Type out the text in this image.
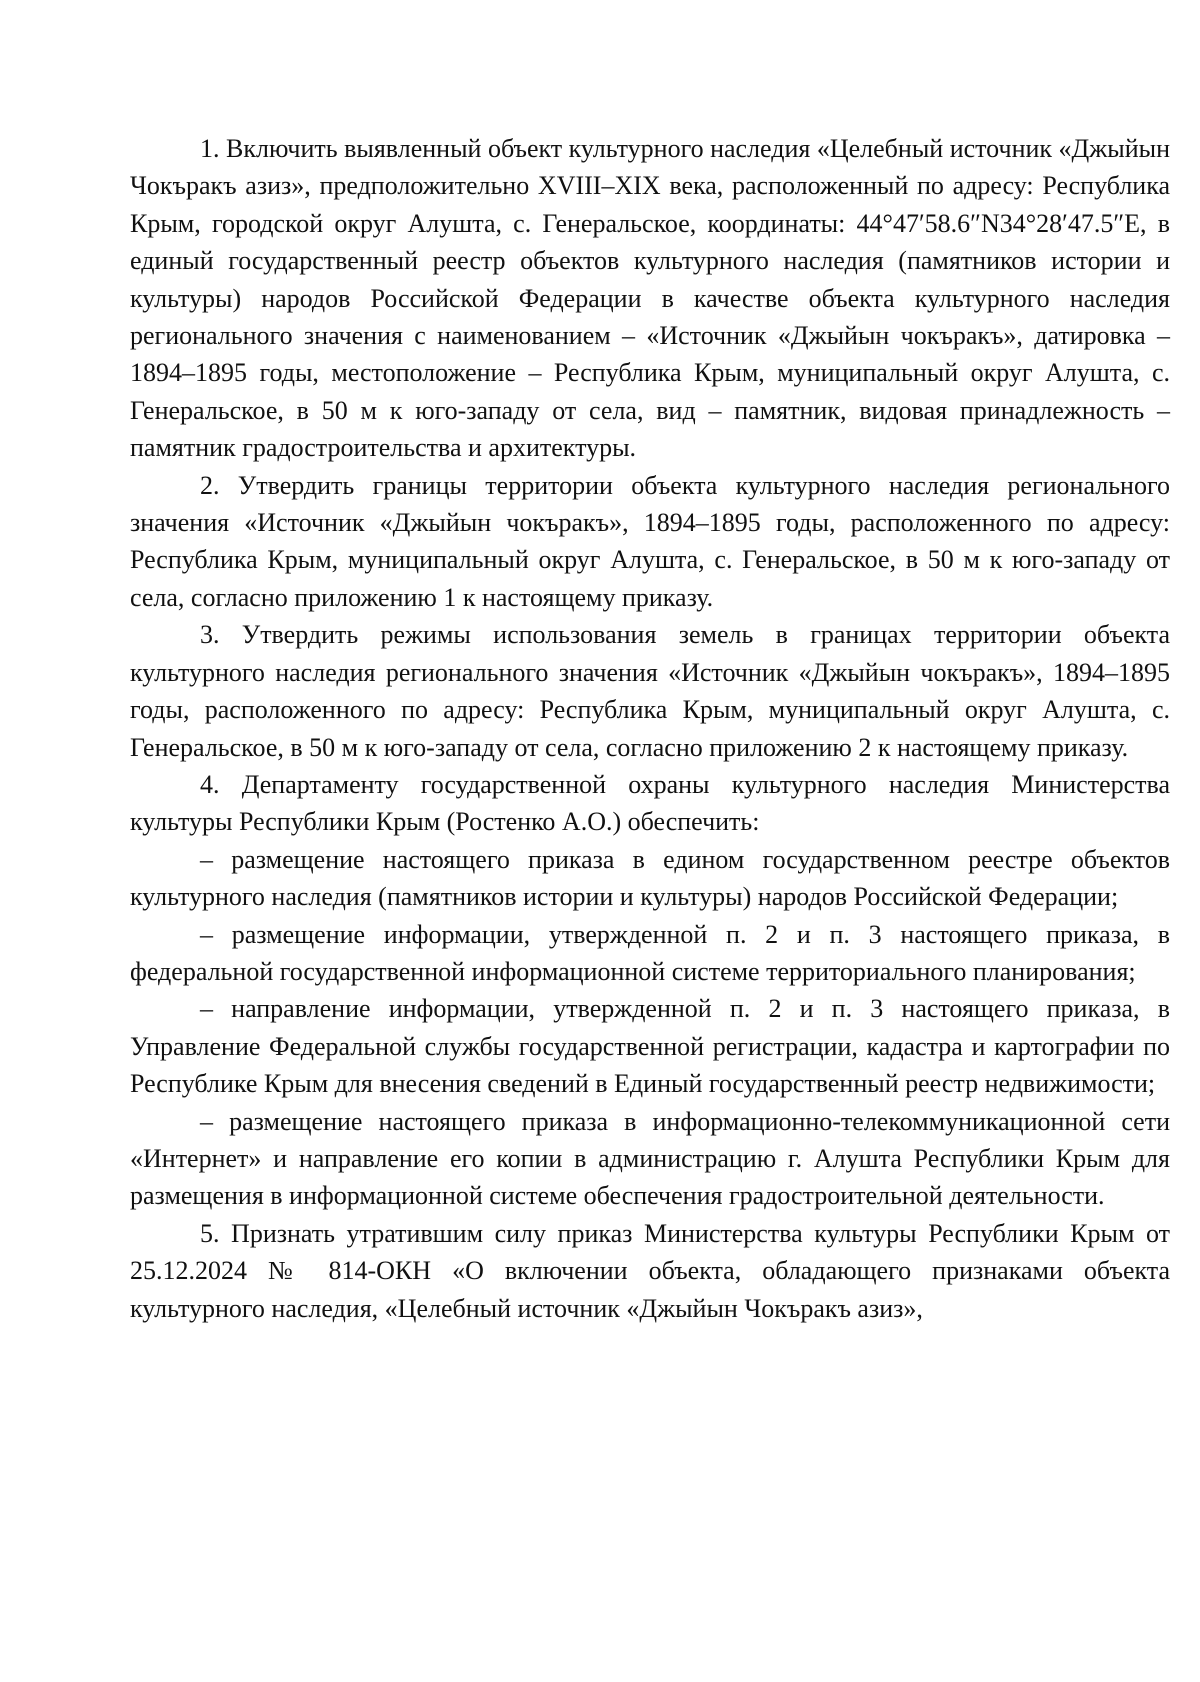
1. Включить выявленный объект культурного наследия «Целебный источник «Джыйын Чокъракъ азиз», предположительно XVIII–XIX века, расположенный по адресу: Республика Крым, городской округ Алушта, с. Генеральское, координаты: 44°47′58.6″N34°28′47.5″E, в единый государственный реестр объектов культурного наследия (памятников истории и культуры) народов Российской Федерации в качестве объекта культурного наследия регионального значения с наименованием – «Источник «Джыйын чокъракъ», датировка – 1894–1895 годы, местоположение – Республика Крым, муниципальный округ Алушта, с. Генеральское, в 50 м к юго-западу от села, вид – памятник, видовая принадлежность – памятник градостроительства и архитектуры.

2. Утвердить границы территории объекта культурного наследия регионального значения «Источник «Джыйын чокъракъ», 1894–1895 годы, расположенного по адресу: Республика Крым, муниципальный округ Алушта, с. Генеральское, в 50 м к юго-западу от села, согласно приложению 1 к настоящему приказу.

3. Утвердить режимы использования земель в границах территории объекта культурного наследия регионального значения «Источник «Джыйын чокъракъ», 1894–1895 годы, расположенного по адресу: Республика Крым, муниципальный округ Алушта, с. Генеральское, в 50 м к юго-западу от села, согласно приложению 2 к настоящему приказу.

4. Департаменту государственной охраны культурного наследия Министерства культуры Республики Крым (Ростенко А.О.) обеспечить:

– размещение настоящего приказа в едином государственном реестре объектов культурного наследия (памятников истории и культуры) народов Российской Федерации;

– размещение информации, утвержденной п. 2 и п. 3 настоящего приказа, в федеральной государственной информационной системе территориального планирования;

– направление информации, утвержденной п. 2 и п. 3 настоящего приказа, в Управление Федеральной службы государственной регистрации, кадастра и картографии по Республике Крым для внесения сведений в Единый государственный реестр недвижимости;

– размещение настоящего приказа в информационно-телекоммуникационной сети «Интернет» и направление его копии в администрацию г. Алушта Республики Крым для размещения в информационной системе обеспечения градостроительной деятельности.

5. Признать утратившим силу приказ Министерства культуры Республики Крым от 25.12.2024 № 814-ОКН «О включении объекта, обладающего признаками объекта культурного наследия, «Целебный источник «Джыйын Чокъракъ азиз»,
